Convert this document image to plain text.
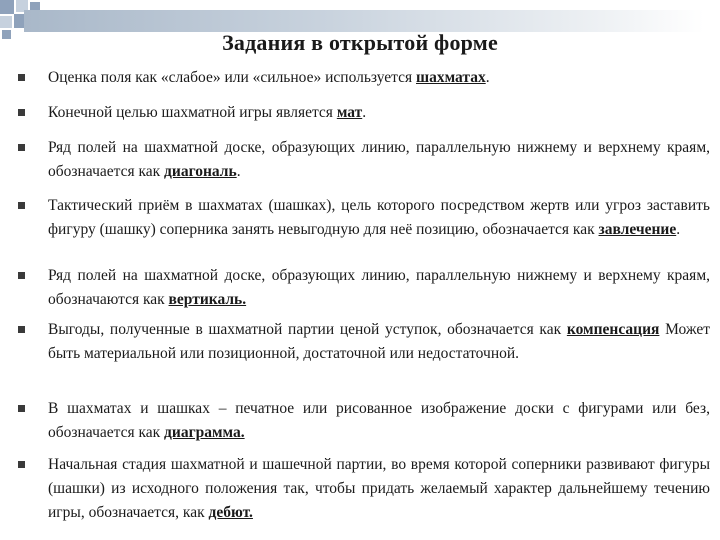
Задания в открытой форме
Оценка поля как «слабое» или «сильное» используется шахматах.
Конечной целью шахматной игры является мат.
Ряд полей на шахматной доске, образующих линию, параллельную нижнему и верхнему краям, обозначается как диагональ.
Тактический приём в шахматах (шашках), цель которого посредством жертв или угроз заставить фигуру (шашку) соперника занять невыгодную для неё позицию, обозначается как завлечение.
Ряд полей на шахматной доске, образующих линию, параллельную нижнему и верхнему краям, обозначаются как вертикаль.
Выгоды, полученные в шахматной партии ценой уступок, обозначается как компенсация Может быть материальной или позиционной, достаточной или недостаточной.
В шахматах и шашках – печатное или рисованное изображение доски с фигурами или без, обозначается как диаграмма.
Начальная стадия шахматной и шашечной партии, во время которой соперники развивают фигуры (шашки) из исходного положения так, чтобы придать желаемый характер дальнейшему течению игры, обозначается, как дебют.
